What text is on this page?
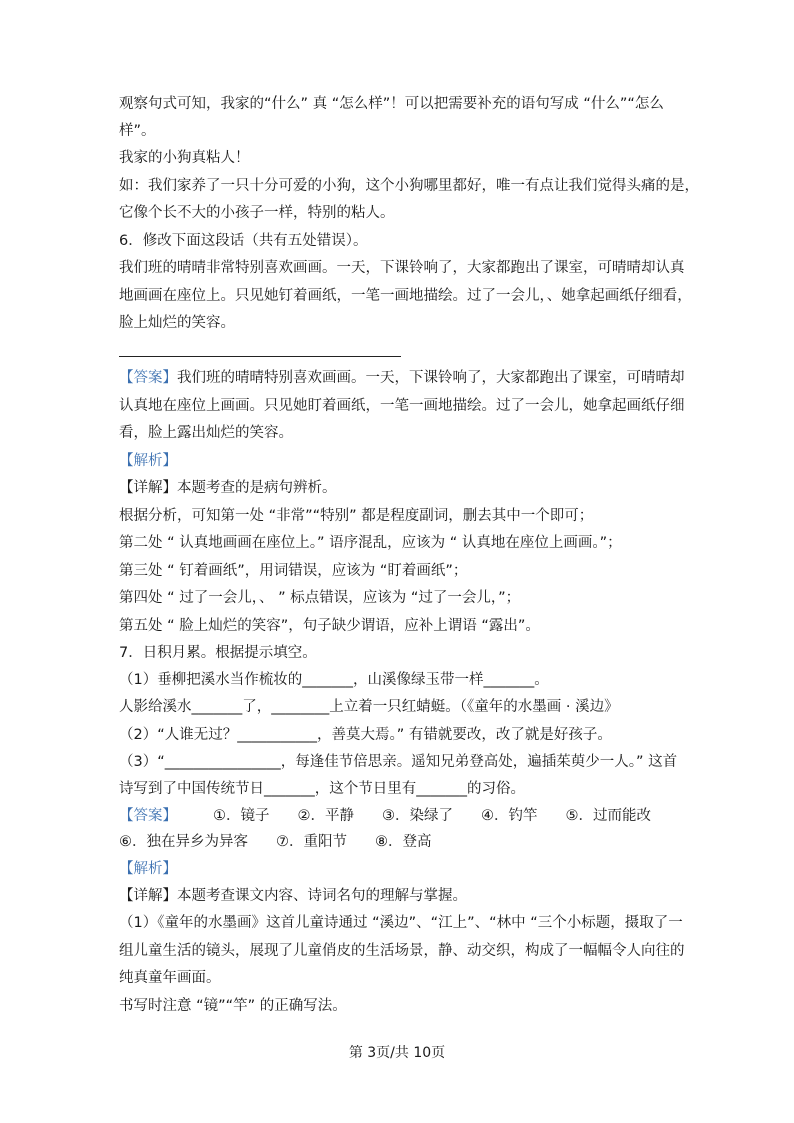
观察句式可知，我家的“什么” 真 “怎么样”！可以把需要补充的语句写成 “什么”“怎么
样”。
我家的小狗真粘人！
如：我们家养了一只十分可爱的小狗，这个小狗哪里都好，唯一有点让我们觉得头痛的是，
它像个长不大的小孩子一样，特别的粘人。
6．修改下面这段话（共有五处错误）。
我们班的晴晴非常特别喜欢画画。一天，下课铃响了，大家都跑出了课室，可晴晴却认真
地画画在座位上。只见她钉着画纸，一笔一画地描绘。过了一会儿，、她拿起画纸仔细看，
脸上灿烂的笑容。
【答案】我们班的晴晴特别喜欢画画。一天，下课铃响了，大家都跑出了课室，可晴晴却
认真地在座位上画画。只见她盯着画纸，一笔一画地描绘。过了一会儿，她拿起画纸仔细
看，脸上露出灿烂的笑容。
【解析】
【详解】本题考查的是病句辨析。
根据分析，可知第一处 “非常”“特别” 都是程度副词，删去其中一个即可；
第二处 “ 认真地画画在座位上。” 语序混乱，应该为 “ 认真地在座位上画画。”；
第三处 “ 钉着画纸”，用词错误，应该为 “盯着画纸”；
第四处 “ 过了一会儿，、 ” 标点错误，应该为 “过了一会儿，”；
第五处 “ 脸上灿烂的笑容”，句子缺少谓语，应补上谓语 “露出”。
7．日积月累。根据提示填空。
（1）垂柳把溪水当作梳妆的_______，山溪像绿玉带一样_______。
人影给溪水_______了，________上立着一只红蜻蜓。（《童年的水墨画 · 溪边》
（2）“人谁无过？___________，善莫大焉。” 有错就要改，改了就是好孩子。
（3）“________________，每逢佳节倍思亲。遥知兄弟登高处，遍插茱萸少一人。” 这首
诗写到了中国传统节日_______，这个节日里有_______的习俗。
【答案】 ①．镜子 ②．平静 ③．染绿了 ④．钓竿 ⑤．过而能改
⑥．独在异乡为异客 ⑦．重阳节 ⑧．登高
【解析】
【详解】本题考查课文内容、诗词名句的理解与掌握。
（1）《童年的水墨画》这首儿童诗通过 “溪边”、“江上”、“林中 “三个小标题，摄取了一
组儿童生活的镜头，展现了儿童俏皮的生活场景，静、动交织，构成了一幅幅令人向往的
纯真童年画面。
书写时注意 “镜”“竿” 的正确写法。
第 3页/共 10页
